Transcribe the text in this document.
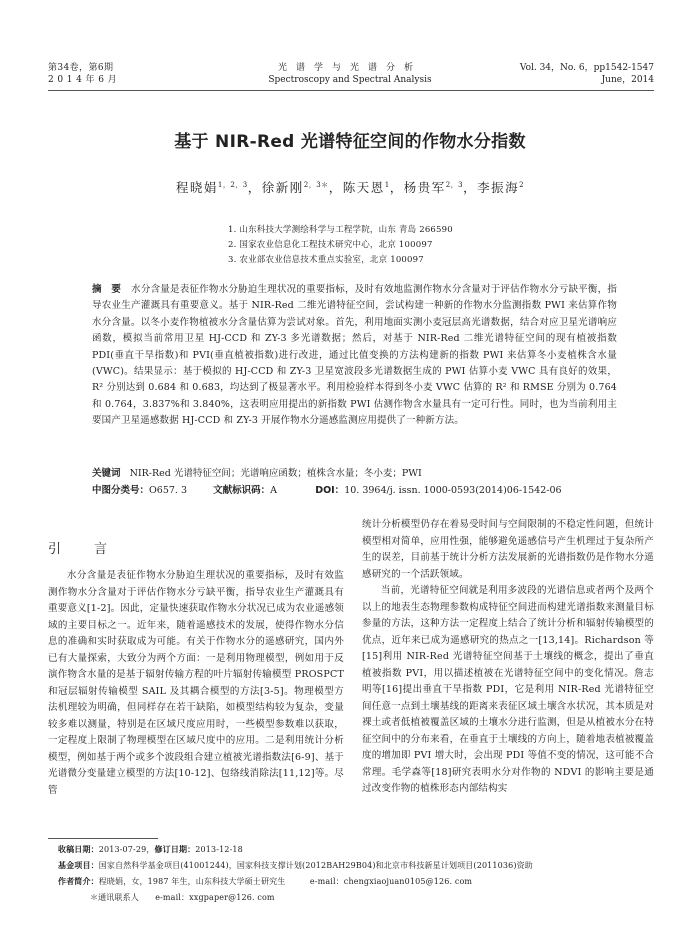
第34卷，第6期
2 0 1 4 年 6 月
光谱学与光谱分析
Spectroscopy and Spectral Analysis
Vol. 34，No. 6，pp1542-1547
June，2014
基于 NIR-Red 光谱特征空间的作物水分指数
程晓娟$^{1,2,3}$，徐新刚$^{2,3*}$，陈天恩$^1$，杨贵军$^{2,3}$，李振海$^2$
1. 山东科技大学测绘科学与工程学院，山东 青岛 266590
2. 国家农业信息化工程技术研究中心，北京 100097
3. 农业部农业信息技术重点实验室，北京 100097
摘　要 水分含量是表征作物水分胁迫生理状况的重要指标，及时有效地监测作物水分含量对于评估作物水分亏缺平衡，指导农业生产灌溉具有重要意义。基于 NIR-Red 二维光谱特征空间，尝试构建一种新的作物水分监测指数 PWI 来估算作物水分含量。以冬小麦作物植被水分含量估算为尝试对象。首先，利用地面实测小麦冠层高光谱数据，结合对应卫星光谱响应函数，模拟当前常用卫星 HJ-CCD 和 ZY-3 多光谱数据；然后，对基于 NIR-Red 二维光谱特征空间的现有植被指数 PDI(垂直干旱指数)和 PVI(垂直植被指数)进行改进，通过比值变换的方法构建新的指数 PWI 来估算冬小麦植株含水量(VWC)。结果显示：基于模拟的 HJ-CCD 和 ZY-3 卫星宽波段多光谱数据生成的 PWI 估算小麦 VWC 具有良好的效果，R² 分别达到 0.684 和 0.683，均达到了极显著水平。利用检验样本得到冬小麦 VWC 估算的 R² 和 RMSE 分别为 0.764 和 0.764，3.837%和 3.840%，这表明应用提出的新指数 PWI 估测作物含水量具有一定可行性。同时，也为当前利用主要国产卫星遥感数据 HJ-CCD 和 ZY-3 开展作物水分遥感监测应用提供了一种新方法。
关键词 NIR-Red 光谱特征空间；光谱响应函数；植株含水量；冬小麦；PWI
中图分类号：O657. 3	文献标识码：A	DOI：10. 3964/j. issn. 1000-0593(2014)06-1542-06
引　言

水分含量是表征作物水分胁迫生理状况的重要指标，及时有效监测作物水分含量对于评估作物水分亏缺平衡，指导农业生产灌溉具有重要意义[1-2]。因此，定量快速获取作物水分状况已成为农业遥感领域的主要目标之一。近年来，随着遥感技术的发展，使得作物水分信息的准确和实时获取成为可能。有关于作物水分的遥感研究，国内外已有大量探索，大致分为两个方面：一是利用物理模型，例如用于反演作物含水量的是基于辐射传输方程的叶片辐射传输模型 PROSPCT 和冠层辐射传输模型 SAIL 及其耦合模型的方法[3-5]。物理模型方法机理较为明确，但同样存在若干缺陷，如模型结构较为复杂，变量较多难以测量，特别是在区域尺度应用时，一些模型参数难以获取，一定程度上限制了物理模型在区域尺度中的应用。二是利用统计分析模型，例如基于两个或多个波段组合建立植被光谱指数法[6-9]、基于光谱微分变量建立模型的方法[10-12]、包络线消除法[11,12]等。尽管

统计分析模型仍存在着易受时间与空间限制的不稳定性问题，但统计模型相对简单，应用性强，能够避免遥感信号产生机理过于复杂所产生的误差，目前基于统计分析方法发展新的光谱指数仍是作物水分遥感研究的一个活跃领域。

当前，光谱特征空间就是利用多波段的光谱信息或者两个及两个以上的地表生态物理参数构成特征空间进而构建光谱指数来测量目标参量的方法，这种方法一定程度上结合了统计分析和辐射传输模型的优点，近年来已成为遥感研究的热点之一[13,14]。Richardson 等[15]利用 NIR-Red 光谱特征空间基于土壤线的概念，提出了垂直植被指数 PVI，用以描述植被在光谱特征空间中的变化情况。詹志明等[16]提出垂直干旱指数 PDI，它是利用 NIR-Red 光谱特征空间任意一点到土壤基线的距离来表征区域土壤含水状况，其本质是对裸土或者低植被覆盖区域的土壤水分进行监测，但是从植被水分在特征空间中的分布来看，在垂直于土壤线的方向上，随着地表植被覆盖度的增加即 PVI 增大时，会出现 PDI 等值不变的情况，这可能不合常理。毛学森等[18]研究表明水分对作物的 NDVI 的影响主要是通过改变作物的植株形态内部结构实

收稿日期：2013-07-29，修订日期：2013-12-18
基金项目：国家自然科学基金项目(41001244)，国家科技支撑计划(2012BAH29B04)和北京市科技新星计划项目(2011036)资助
作者简介：程晓娟，女，1987 年生，山东科技大学硕士研究生　　　e-mail：chengxiaojuan0105@126. com
＊通讯联系人　　e-mail：xxgpaper@126. com
